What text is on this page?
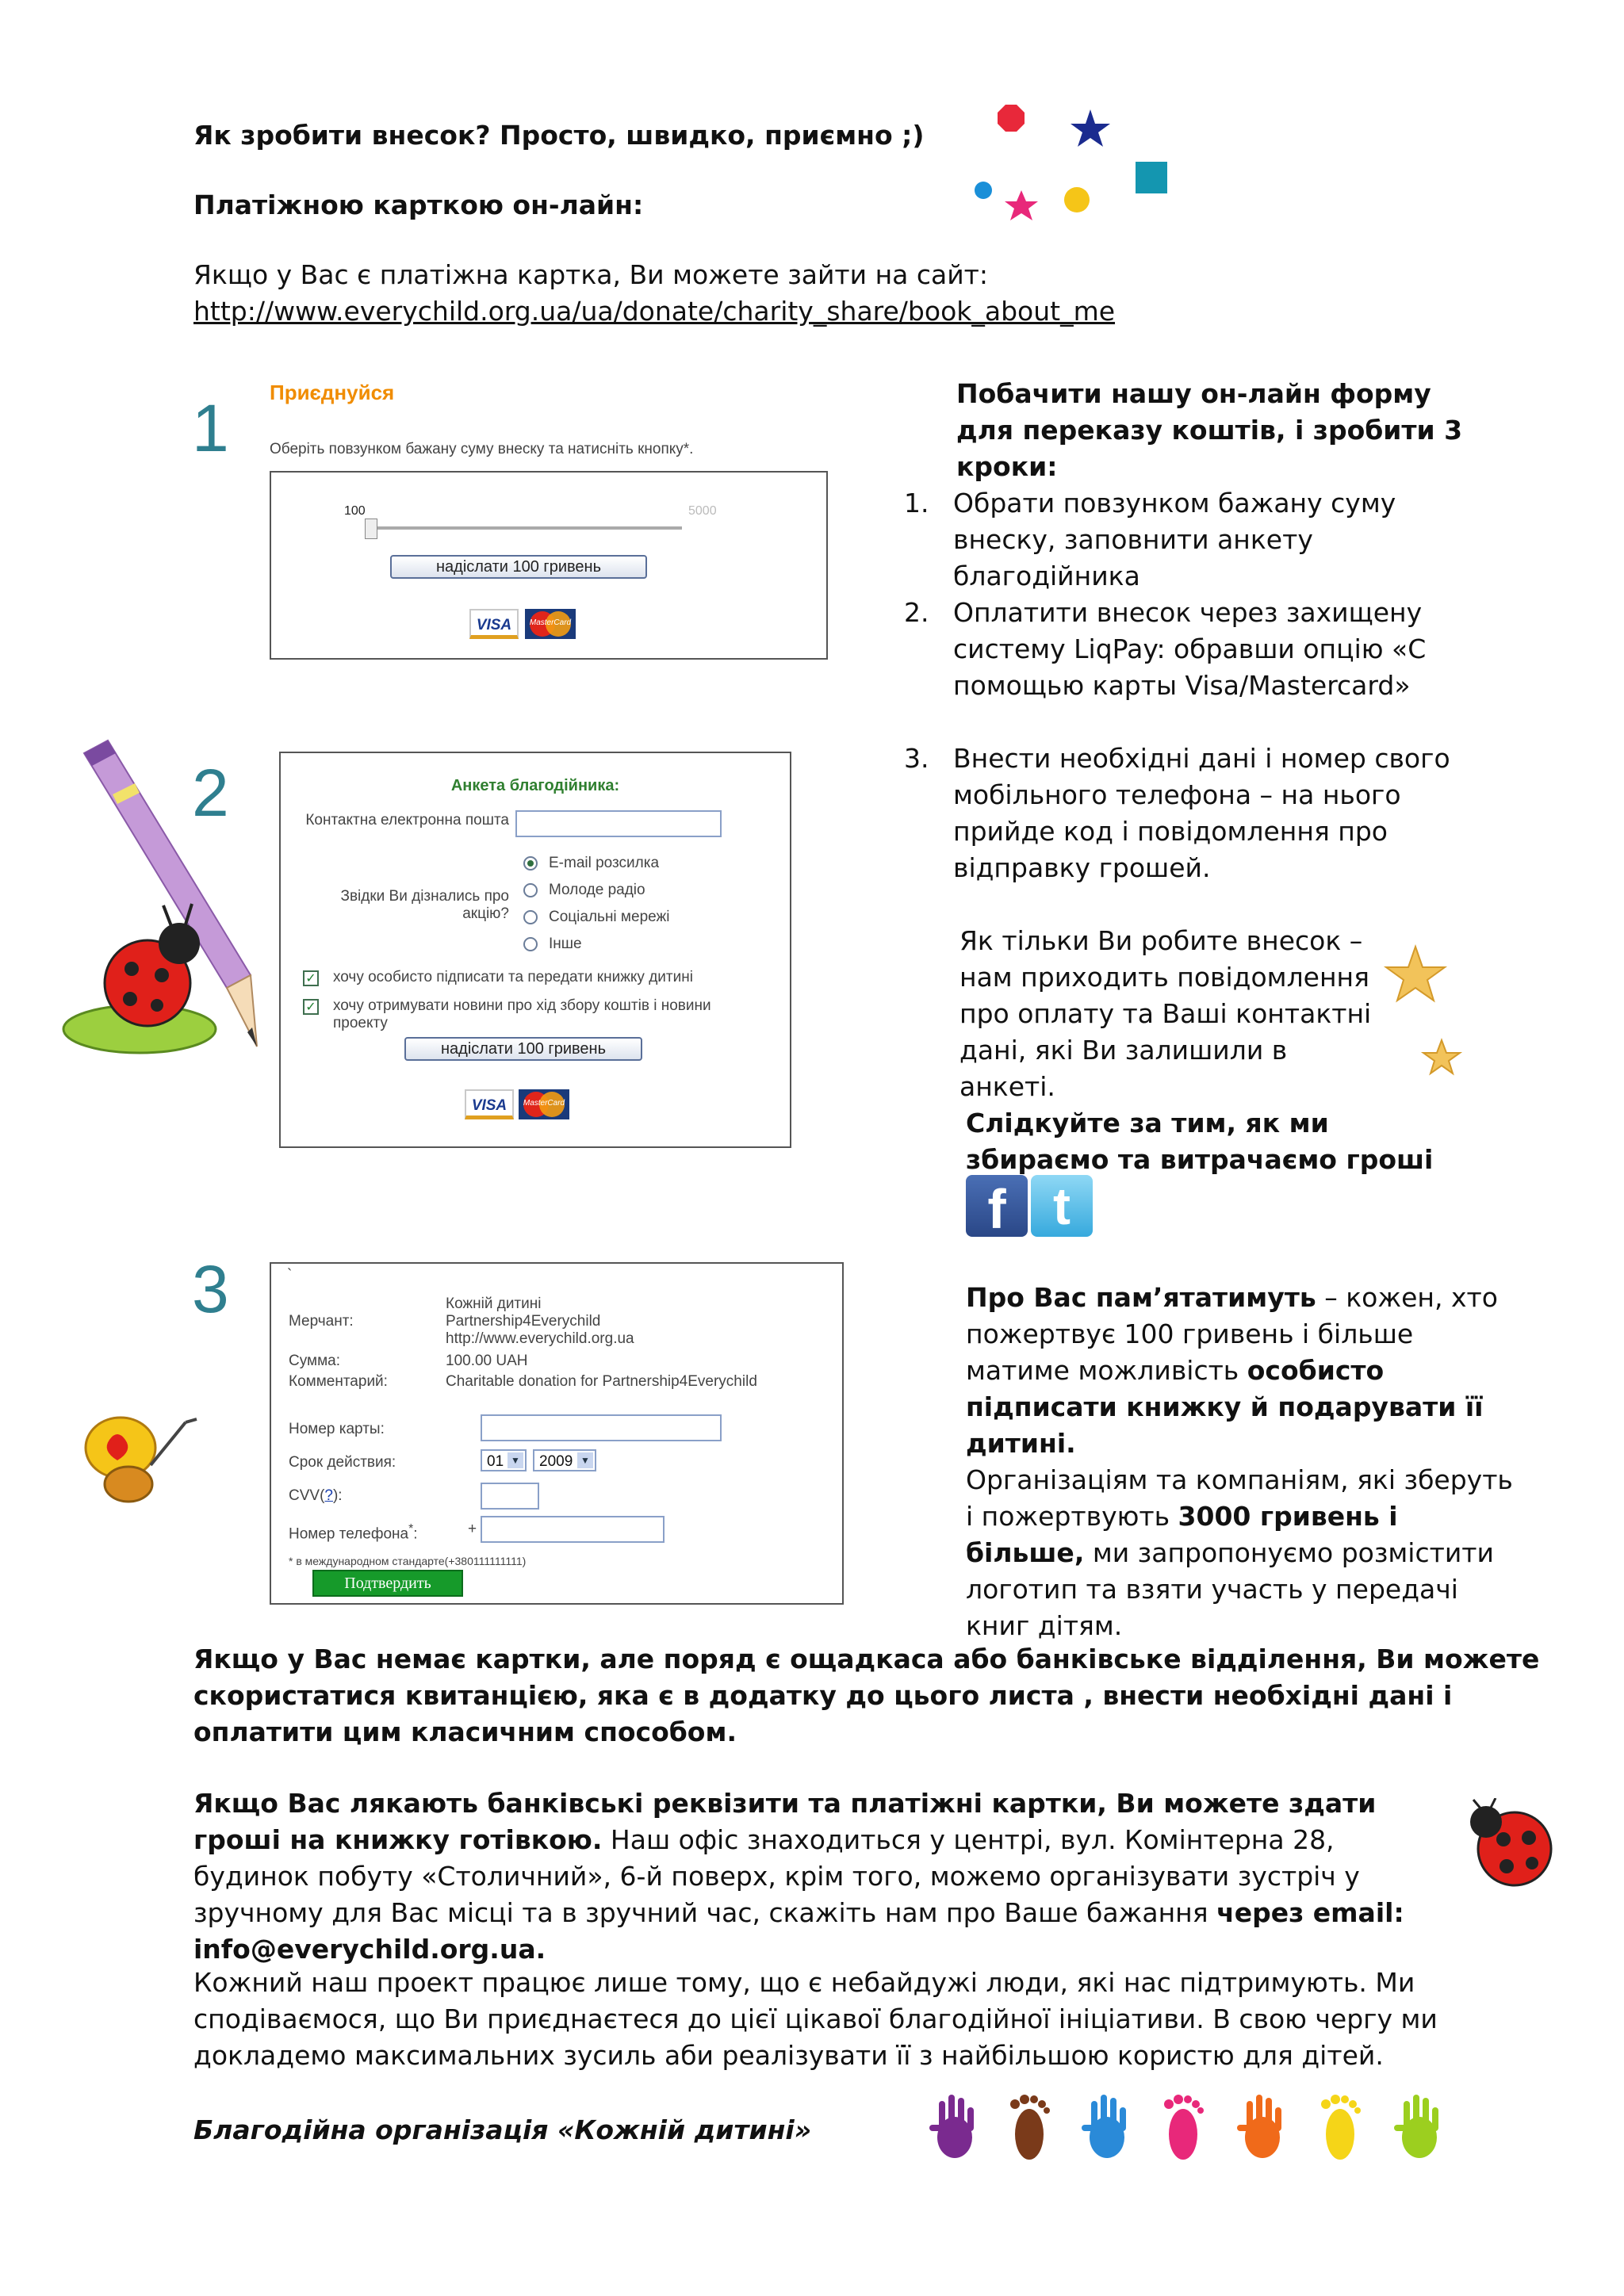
Як зробити внесок? Просто, швидко, приємно ;)

Платіжною карткою он-лайн:

Якщо у Вас є платіжна картка, Ви можете зайти на сайт:

http://www.everychild.org.ua/ua/donate/charity_share/book_about_me
1
2
3
Приєднуйся
Оберіть повзунком бажану суму внеску та натисніть кнопку*.
100	5000
надіслати 100 гривень
VISA	MasterCard
Анкета благодійника:
Контактна електронна пошта
Звідки Ви дізнались про акцію?
E-mail розсилка
Молоде радіо
Соціальні мережі
Інше
✓ хочу особисто підписати та передати книжку дитині
✓ хочу отримувати новини про хід збору коштів і новини проекту
надіслати 100 гривень
VISA	MasterCard
`
Мерчант:
Кожній дитині
Partnership4Everychild
http://www.everychild.org.ua
Сумма:	100.00 UAH
Комментарий:	Charitable donation for Partnership4Everychild
Номер карты:
Срок действия:	01 ▼	2009 ▼
CVV(?):
Номер телефона*:	+
* в международном стандарте(+380111111111)
Подтвердить

Побачити нашу он-лайн форму для переказу коштів, і зробити 3 кроки:

1. Обрати повзунком бажану суму внеску, заповнити анкету благодійника

2. Оплатити внесок через захищену систему LiqPay: обравши опцію «С помощью карты Visa/Mastercard»

3. Внести необхідні дані і номер свого мобільного телефона – на нього прийде код і повідомлення про відправку грошей.

Як тільки Ви робите внесок – нам приходить повідомлення про оплату та Ваші контактні дані, які Ви залишили в анкеті.

Слідкуйте за тим, як ми збираємо та витрачаємо гроші

f t

Про Вас пам’ятатимуть – кожен, хто пожертвує 100 гривень і більше матиме можливість особисто підписати книжку й подарувати її дитині.

Організаціям та компаніям, які зберуть і пожертвують 3000 гривень і більше, ми запропонуємо розмістити логотип та взяти участь у передачі книг дітям.

Якщо у Вас немає картки, але поряд є ощадкаса або банківське відділення, Ви можете скористатися квитанцією, яка є в додатку до цього листа , внести необхідні дані і оплатити цим класичним способом.

Якщо Вас лякають банківські реквізити та платіжні картки, Ви можете здати гроші на книжку готівкою. Наш офіс знаходиться у центрі, вул. Комінтерна 28, будинок побуту «Столичний», 6-й поверх, крім того, можемо організувати зустріч у зручному для Вас місці та в зручний час, скажіть нам про Ваше бажання через email: info@everychild.org.ua.

Кожний наш проект працює лише тому, що є небайдужі люди, які нас підтримують. Ми сподіваємося, що Ви приєднаєтеся до цієї цікавої благодійної ініціативи. В свою чергу ми докладемо максимальних зусиль аби реалізувати її з найбільшою користю для дітей.

Благодійна організація «Кожній дитині»
